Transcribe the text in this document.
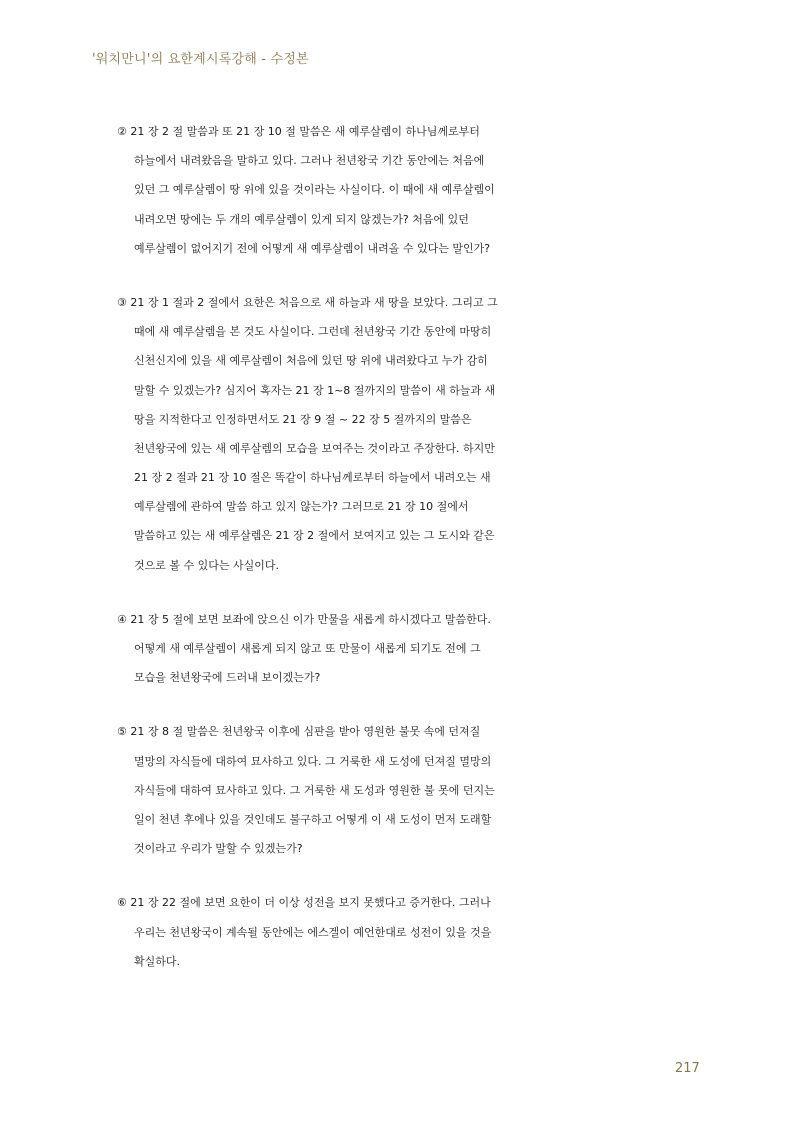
'워치만니'의 요한계시록강해 - 수정본
② 21 장 2 절 말씀과 또 21 장 10 절 말씀은 새 예루살렘이 하나님께로부터
하늘에서 내려왔음을 말하고 있다. 그러나 천년왕국 기간 동안에는 처음에
있던 그 예루살렘이 땅 위에 있을 것이라는 사실이다. 이 때에 새 예루살렘이
내려오면 땅에는 두 개의 예루살렘이 있게 되지 않겠는가? 처음에 있던
예루살렘이 없어지기 전에 어떻게 새 예루살렘이 내려올 수 있다는 말인가?
③ 21 장 1 절과 2 절에서 요한은 처음으로 새 하늘과 새 땅을 보았다. 그리고 그
때에 새 예루살렘을 본 것도 사실이다. 그런데 천년왕국 기간 동안에 마땅히
신천신지에 있을 새 예루살렘이 처음에 있던 땅 위에 내려왔다고 누가 감히
말할 수 있겠는가? 심지어 혹자는 21 장 1~8 절까지의 말씀이 새 하늘과 새
땅을 지적한다고 인정하면서도 21 장 9 절 ~ 22 장 5 절까지의 말씀은
천년왕국에 있는 새 예루살렘의 모습을 보여주는 것이라고 주장한다. 하지만
21 장 2 절과 21 장 10 절은 똑같이 하나님께로부터 하늘에서 내려오는 새
예루살렘에 관하여 말씀 하고 있지 않는가? 그러므로 21 장 10 절에서
말씀하고 있는 새 예루살렘은 21 장 2 절에서 보여지고 있는 그 도시와 같은
것으로 볼 수 있다는 사실이다.
④ 21 장 5 절에 보면 보좌에 앉으신 이가 만물을 새롭게 하시겠다고 말씀한다.
어떻게 새 예루살렘이 새롭게 되지 않고 또 만물이 새롭게 되기도 전에 그
모습을 천년왕국에 드러내 보이겠는가?
⑤ 21 장 8 절 말씀은 천년왕국 이후에 심판을 받아 영원한 불못 속에 던져질
멸망의 자식들에 대하여 묘사하고 있다. 그 거룩한 새 도성에 던져질 멸망의
자식들에 대하여 묘사하고 있다. 그 거룩한 새 도성과 영원한 불 못에 던지는
일이 천년 후에나 있을 것인데도 불구하고 어떻게 이 새 도성이 먼저 도래할
것이라고 우리가 말할 수 있겠는가?
⑥ 21 장 22 절에 보면 요한이 더 이상 성전을 보지 못했다고 증거한다. 그러나
우리는 천년왕국이 계속될 동안에는 에스겔이 예언한대로 성전이 있을 것을
확실하다.
217
